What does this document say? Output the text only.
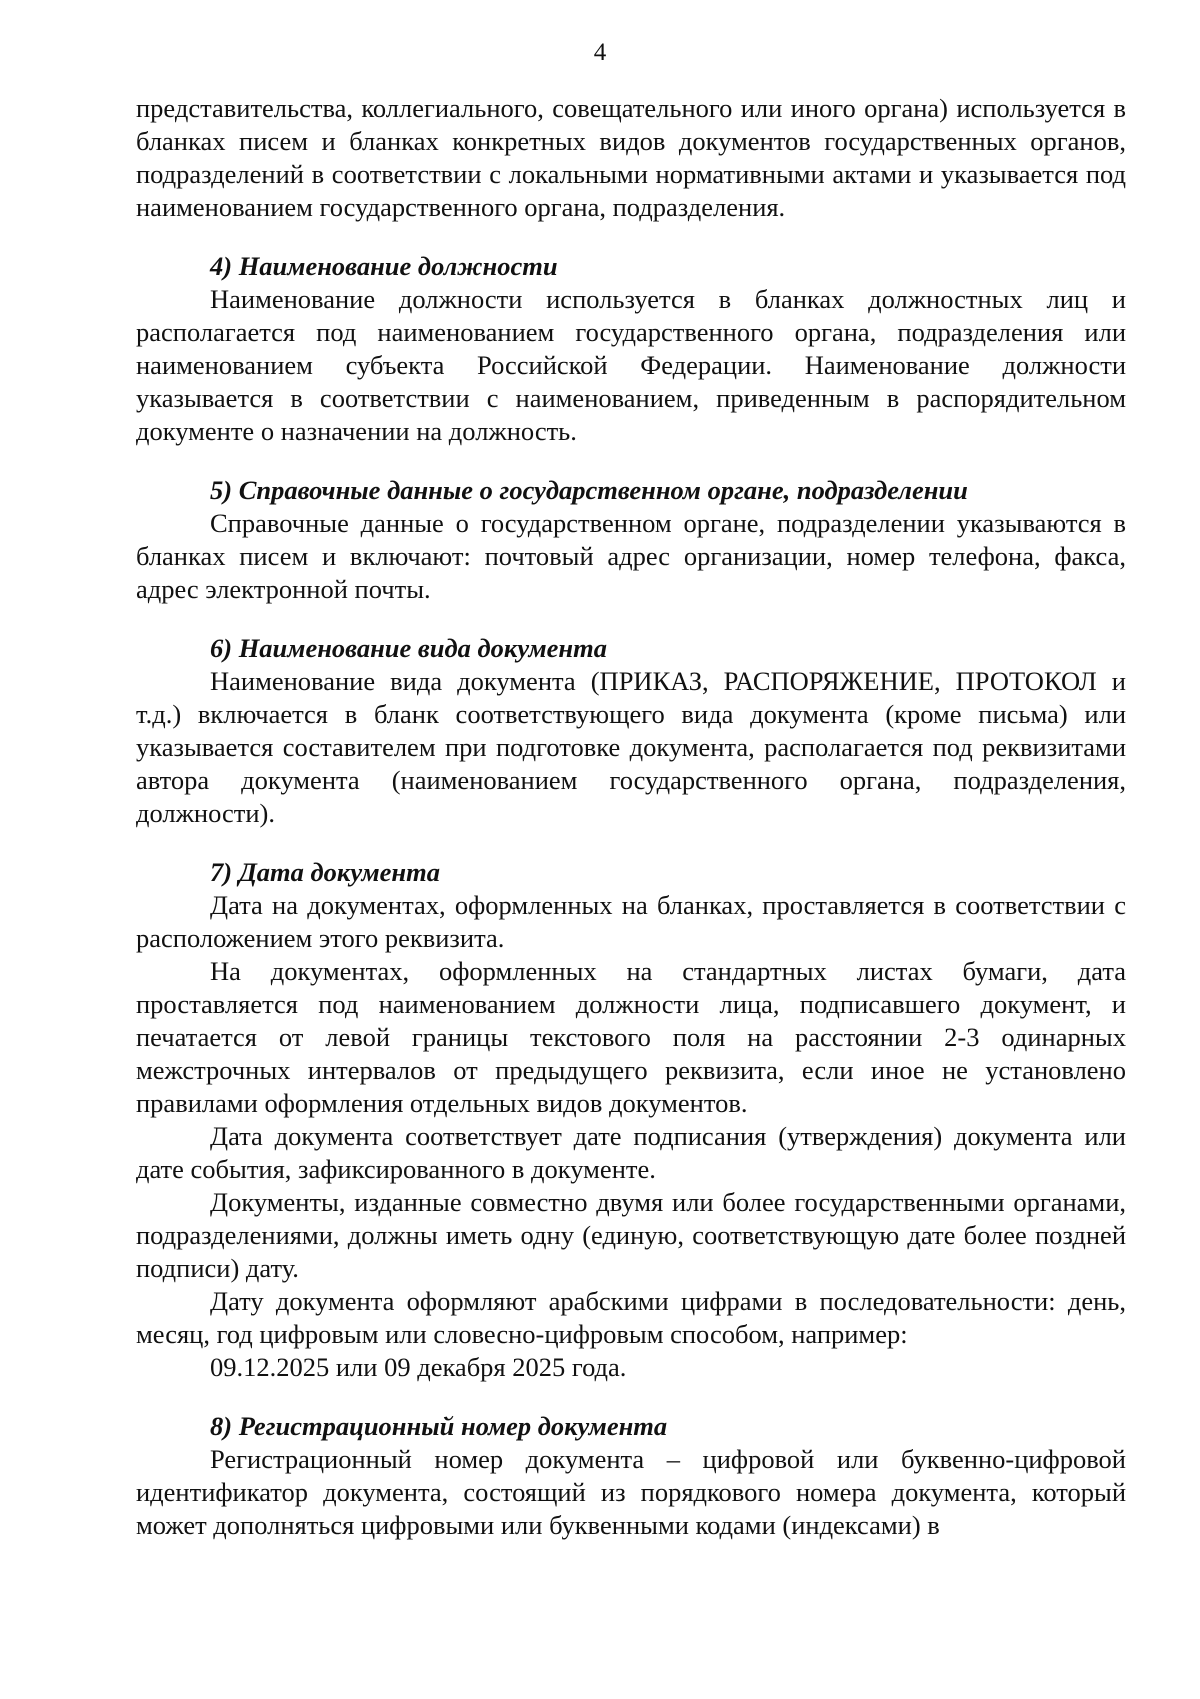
4

представительства, коллегиального, совещательного или иного органа) используется в бланках писем и бланках конкретных видов документов государственных органов, подразделений в соответствии с локальными нормативными актами и указывается под наименованием государственного органа, подразделения.

4) Наименование должности

Наименование должности используется в бланках должностных лиц и располагается под наименованием государственного органа, подразделения или наименованием субъекта Российской Федерации. Наименование должности указывается в соответствии с наименованием, приведенным в распорядительном документе о назначении на должность.

5) Справочные данные о государственном органе, подразделении

Справочные данные о государственном органе, подразделении указываются в бланках писем и включают: почтовый адрес организации, номер телефона, факса, адрес электронной почты.

6) Наименование вида документа

Наименование вида документа (ПРИКАЗ, РАСПОРЯЖЕНИЕ, ПРОТОКОЛ и т.д.) включается в бланк соответствующего вида документа (кроме письма) или указывается составителем при подготовке документа, располагается под реквизитами автора документа (наименованием государственного органа, подразделения, должности).

7) Дата документа

Дата на документах, оформленных на бланках, проставляется в соответствии с расположением этого реквизита.

На документах, оформленных на стандартных листах бумаги, дата проставляется под наименованием должности лица, подписавшего документ, и печатается от левой границы текстового поля на расстоянии 2-3 одинарных межстрочных интервалов от предыдущего реквизита, если иное не установлено правилами оформления отдельных видов документов.

Дата документа соответствует дате подписания (утверждения) документа или дате события, зафиксированного в документе.

Документы, изданные совместно двумя или более государственными органами, подразделениями, должны иметь одну (единую, соответствующую дате более поздней подписи) дату.

Дату документа оформляют арабскими цифрами в последовательности: день, месяц, год цифровым или словесно-цифровым способом, например:

09.12.2025 или 09 декабря 2025 года.

8) Регистрационный номер документа

Регистрационный номер документа – цифровой или буквенно-цифровой идентификатор документа, состоящий из порядкового номера документа, который может дополняться цифровыми или буквенными кодами (индексами) в
